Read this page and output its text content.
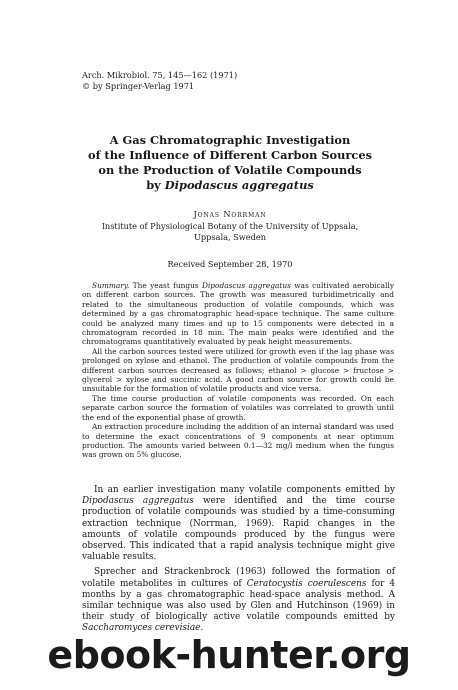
Arch. Mikrobiol. 75, 145—162 (1971)
© by Springer-Verlag 1971
A Gas Chromatographic Investigation
of the Influence of Different Carbon Sources
on the Production of Volatile Compounds
by Dipodascus aggregatus
Jonas Norrman
Institute of Physiological Botany of the University of Uppsala,
Uppsala, Sweden
Received September 28, 1970

Summary. The yeast fungus Dipodascus aggregatus was cultivated aerobically on different carbon sources. The growth was measured turbidimetrically and related to the simultaneous production of volatile compounds, which was determined by a gas chromatographic head-space technique. The same culture could be analyzed many times and up to 15 components were detected in a chromatogram recorded in 18 min. The main peaks were identified and the chromatograms quantitatively evaluated by peak height measurements.

All the carbon sources tested were utilized for growth even if the lag phase was prolonged on xylose and ethanol. The production of volatile compounds from the different carbon sources decreased as follows; ethanol > glucose > fructose > glycerol > xylose and succinic acid. A good carbon source for growth could be unsuitable for the formation of volatile products and vice versa.

The time course production of volatile components was recorded. On each separate carbon source the formation of volatiles was correlated to growth until the end of the exponential phase of growth.

An extraction procedure including the addition of an internal standard was used to determine the exact concentrations of 9 components at near optimum production. The amounts varied between 0.1—32 mg/l medium when the fungus was grown on 5% glucose.

In an earlier investigation many volatile components emitted by Dipodascus aggregatus were identified and the time course production of volatile compounds was studied by a time-consuming extraction technique (Norrman, 1969). Rapid changes in the amounts of volatile compounds produced by the fungus were observed. This indicated that a rapid analysis technique might give valuable results.

Sprecher and Strackenbrock (1963) followed the formation of volatile metabolites in cultures of Ceratocystis coerulescens for 4 months by a gas chromatographic head-space analysis method. A similar technique was also used by Glen and Hutchinson (1969) in their study of biologically active volatile compounds emitted by Saccharomyces cerevisiae.

ebook-hunter.org
